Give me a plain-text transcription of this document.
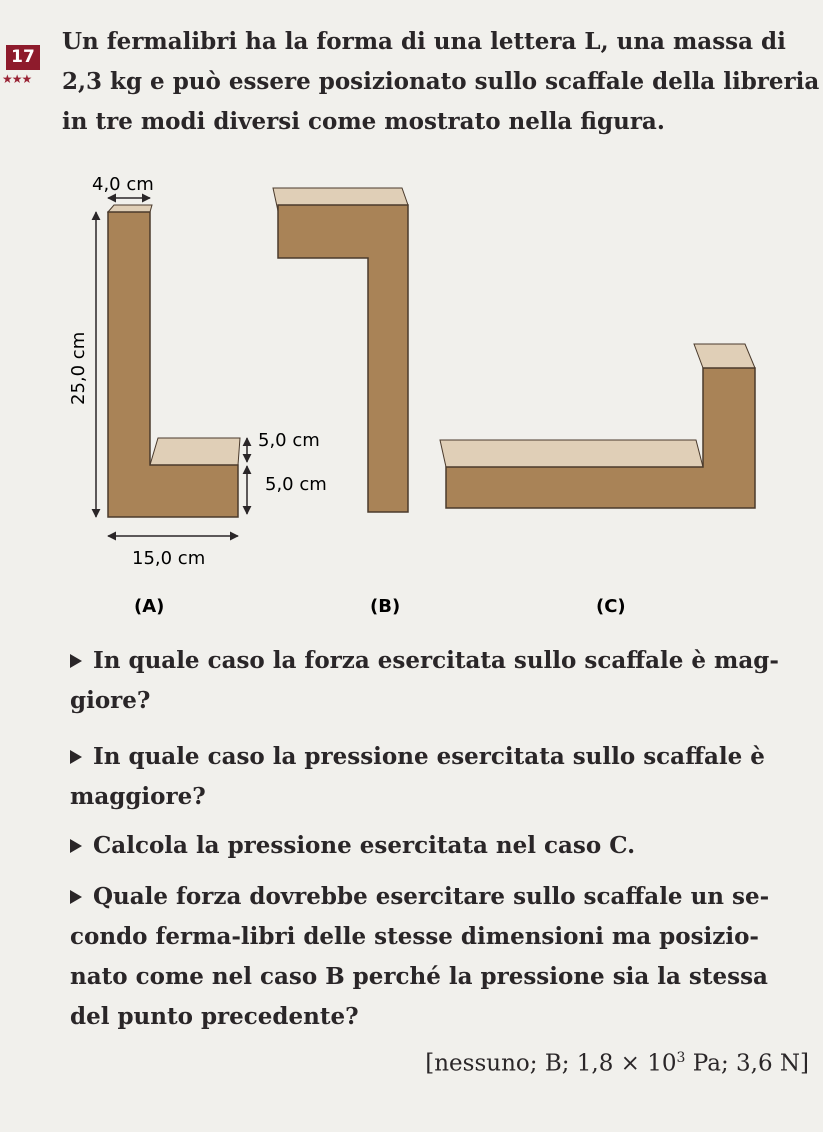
17
★★★
Un fermalibri ha la forma di una lettera L, una massa di
2,3 kg e può essere posizionato sullo scaffale della libreria
in tre modi diversi come mostrato nella figura.
4,0 cm
25,0 cm
5,0 cm
5,0 cm
15,0 cm
(A)	(B)	(C)
In quale caso la forza esercitata sullo scaffale è mag-
giore?
In quale caso la pressione esercitata sullo scaffale è
maggiore?
Calcola la pressione esercitata nel caso C.
Quale forza dovrebbe esercitare sullo scaffale un se-
condo ferma-libri delle stesse dimensioni ma posizio-
nato come nel caso B perché la pressione sia la stessa
del punto precedente?
[nessuno; B; $1,8 \times 10^3$ Pa; 3,6 N]
